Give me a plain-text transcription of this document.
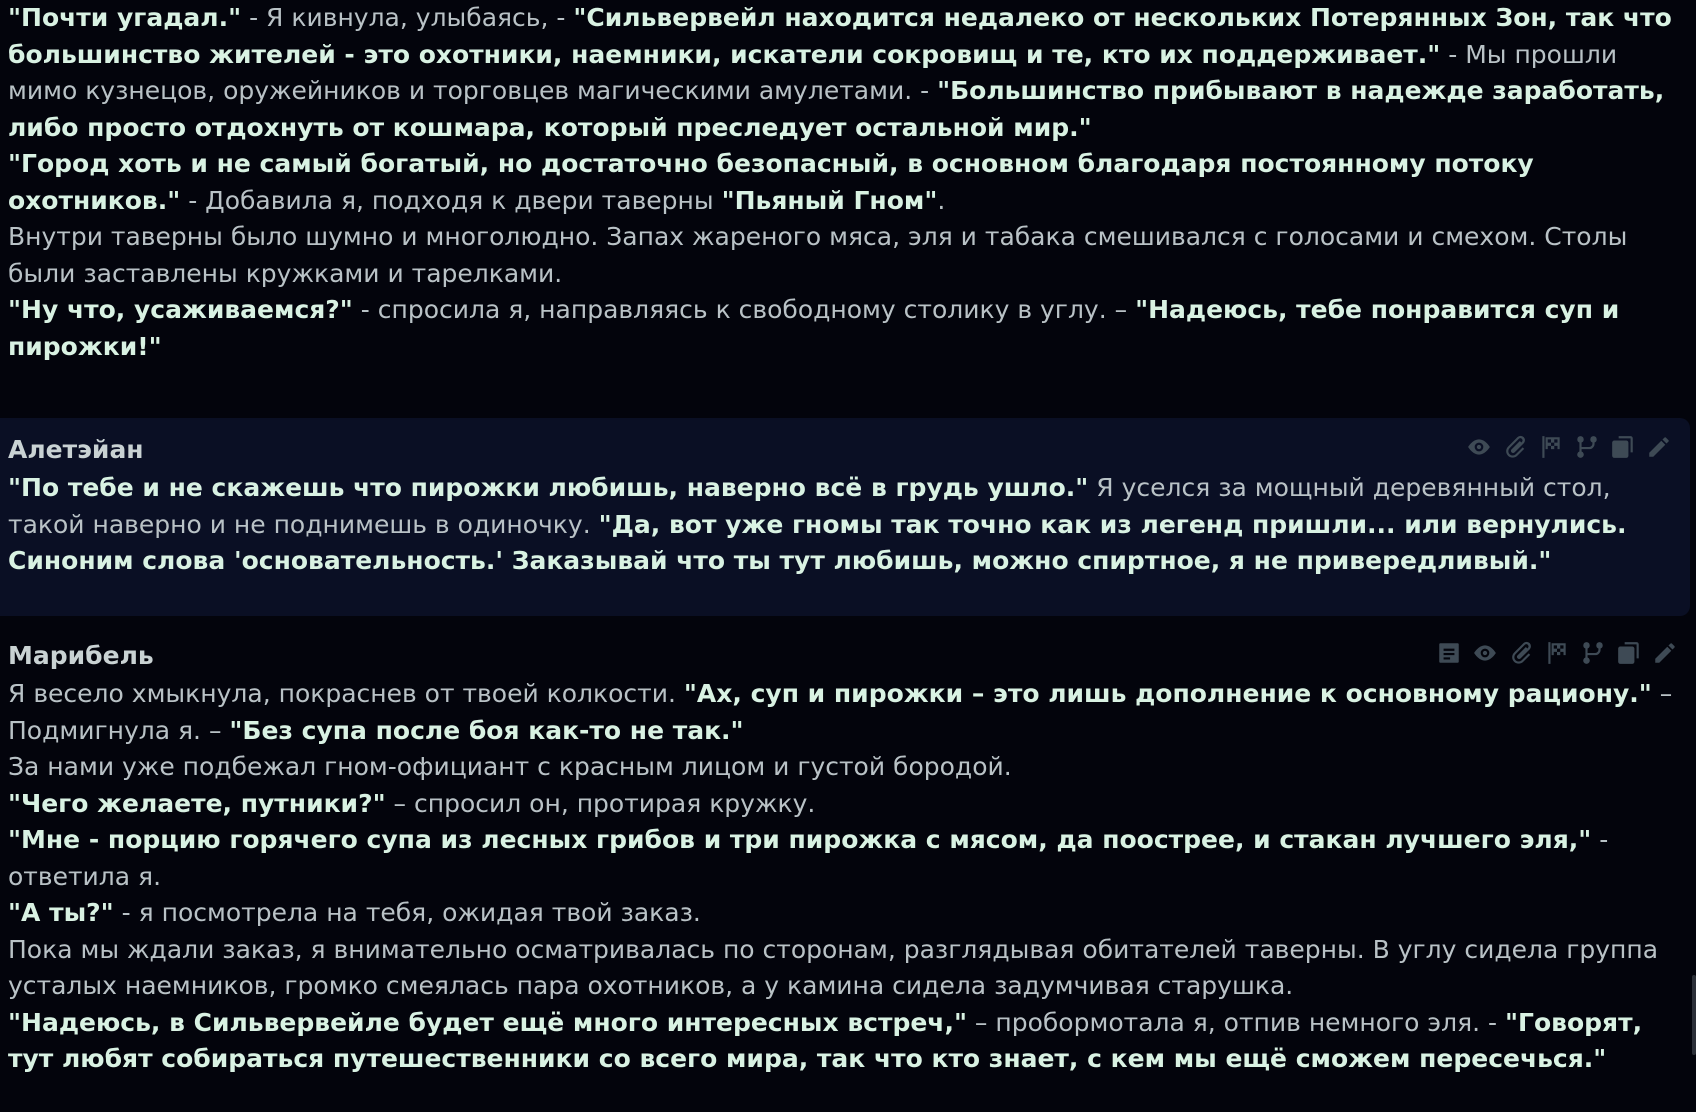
"Почти угадал." - Я кивнула, улыбаясь, - "Сильвервейл находится недалеко от нескольких Потерянных Зон, так что большинство жителей - это охотники, наемники, искатели сокровищ и те, кто их поддерживает." - Мы прошли мимо кузнецов, оружейников и торговцев магическими амулетами. - "Большинство прибывают в надежде заработать, либо просто отдохнуть от кошмара, который преследует остальной мир."

"Город хоть и не самый богатый, но достаточно безопасный, в основном благодаря постоянному потоку охотников." - Добавила я, подходя к двери таверны "Пьяный Гном".

Внутри таверны было шумно и многолюдно. Запах жареного мяса, эля и табака смешивался с голосами и смехом. Столы были заставлены кружками и тарелками.

"Ну что, усаживаемся?" - спросила я, направляясь к свободному столику в углу. – "Надеюсь, тебе понравится суп и пирожки!"

Алетэйан

"По тебе и не скажешь что пирожки любишь, наверно всё в грудь ушло." Я уселся за мощный деревянный стол, такой наверно и не поднимешь в одиночку. "Да, вот уже гномы так точно как из легенд пришли... или вернулись. Синоним слова 'основательность.' Заказывай что ты тут любишь, можно спиртное, я не привередливый."

Марибель

Я весело хмыкнула, покраснев от твоей колкости. "Ах, суп и пирожки – это лишь дополнение к основному рациону." – Подмигнула я. – "Без супа после боя как-то не так."

За нами уже подбежал гном-официант с красным лицом и густой бородой.

"Чего желаете, путники?" – спросил он, протирая кружку.

"Мне - порцию горячего супа из лесных грибов и три пирожка с мясом, да поострее, и стакан лучшего эля," - ответила я.

"А ты?" - я посмотрела на тебя, ожидая твой заказ.

Пока мы ждали заказ, я внимательно осматривалась по сторонам, разглядывая обитателей таверны. В углу сидела группа усталых наемников, громко смеялась пара охотников, а у камина сидела задумчивая старушка.

"Надеюсь, в Сильвервейле будет ещё много интересных встреч," – пробормотала я, отпив немного эля. - "Говорят, тут любят собираться путешественники со всего мира, так что кто знает, с кем мы ещё сможем пересечься."
